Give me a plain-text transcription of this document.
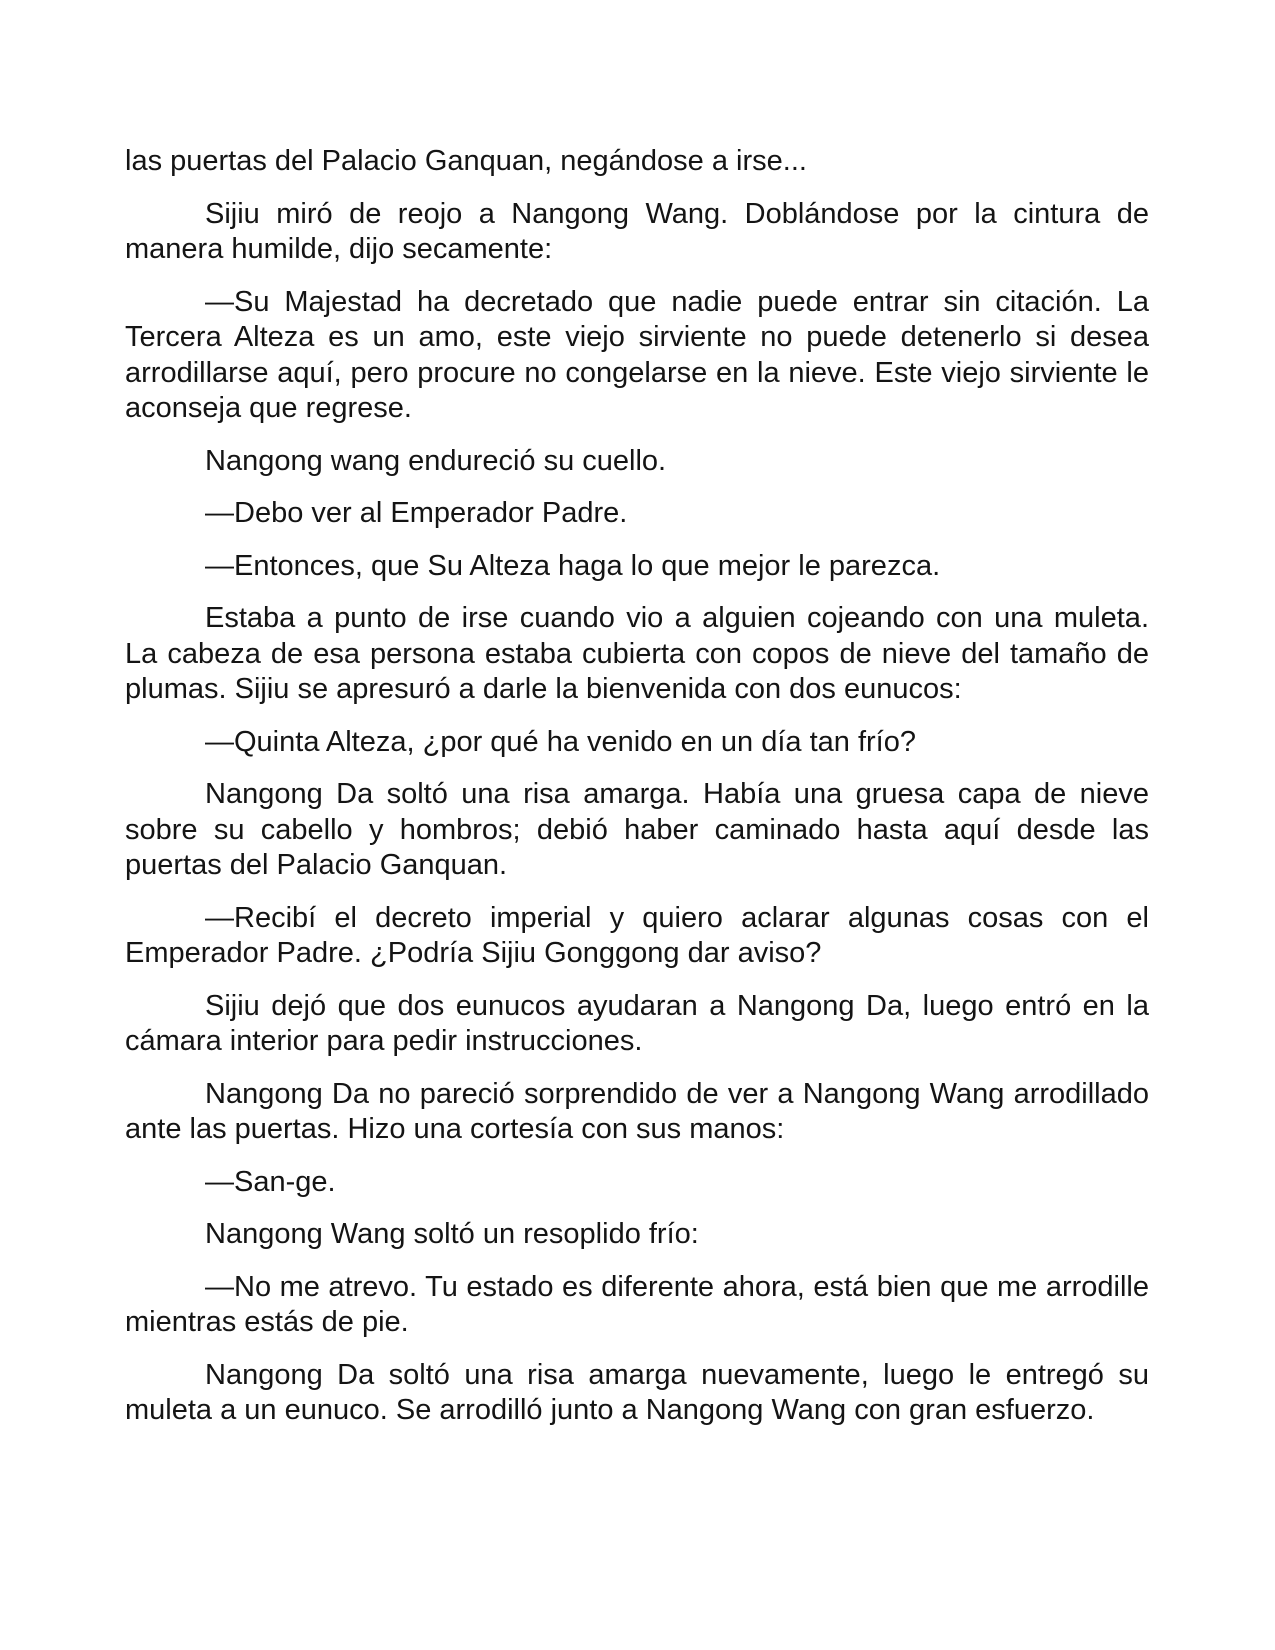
las puertas del Palacio Ganquan, negándose a irse...

Sijiu miró de reojo a Nangong Wang. Doblándose por la cintura de manera humilde, dijo secamente:

—Su Majestad ha decretado que nadie puede entrar sin citación. La Tercera Alteza es un amo, este viejo sirviente no puede detenerlo si desea arrodillarse aquí, pero procure no congelarse en la nieve. Este viejo sirviente le aconseja que regrese.

Nangong wang endureció su cuello.

—Debo ver al Emperador Padre.

—Entonces, que Su Alteza haga lo que mejor le parezca.

Estaba a punto de irse cuando vio a alguien cojeando con una muleta. La cabeza de esa persona estaba cubierta con copos de nieve del tamaño de plumas. Sijiu se apresuró a darle la bienvenida con dos eunucos:

—Quinta Alteza, ¿por qué ha venido en un día tan frío?

Nangong Da soltó una risa amarga. Había una gruesa capa de nieve sobre su cabello y hombros; debió haber caminado hasta aquí desde las puertas del Palacio Ganquan.

—Recibí el decreto imperial y quiero aclarar algunas cosas con el Emperador Padre. ¿Podría Sijiu Gonggong dar aviso?

Sijiu dejó que dos eunucos ayudaran a Nangong Da, luego entró en la cámara interior para pedir instrucciones.

Nangong Da no pareció sorprendido de ver a Nangong Wang arrodillado ante las puertas. Hizo una cortesía con sus manos:

—San-ge.

Nangong Wang soltó un resoplido frío:

—No me atrevo. Tu estado es diferente ahora, está bien que me arrodille mientras estás de pie.

Nangong Da soltó una risa amarga nuevamente, luego le entregó su muleta a un eunuco. Se arrodilló junto a Nangong Wang con gran esfuerzo.
